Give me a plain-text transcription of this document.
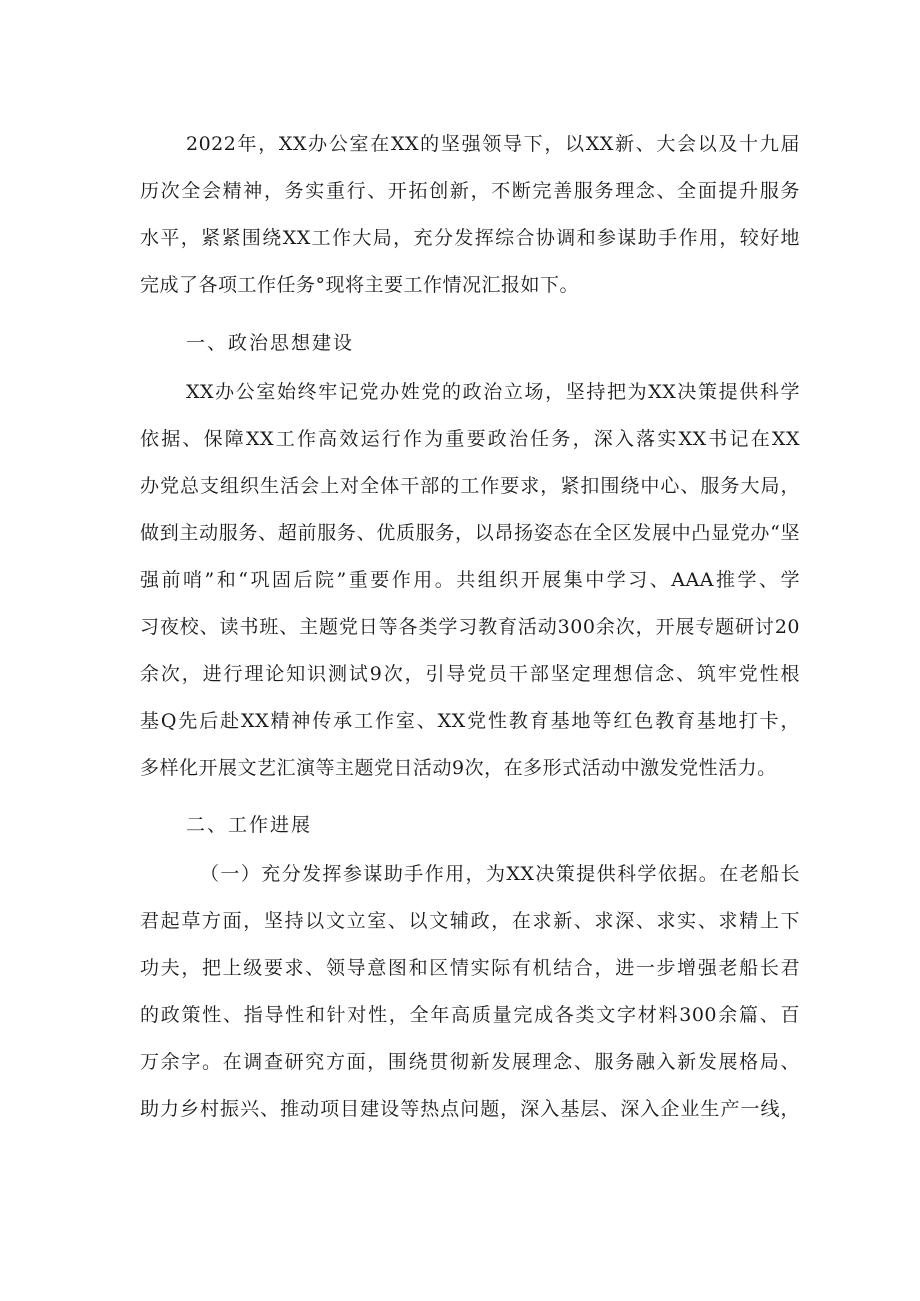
2022年，XX办公室在XX的坚强领导下，以XX新、大会以及十九届
历次全会精神，务实重行、开拓创新，不断完善服务理念、全面提升服务
水平，紧紧围绕XX工作大局，充分发挥综合协调和参谋助手作用，较好地
完成了各项工作任务°现将主要工作情况汇报如下。
一、政治思想建设
XX办公室始终牢记党办姓党的政治立场，坚持把为XX决策提供科学
依据、保障XX工作高效运行作为重要政治任务，深入落实XX书记在XX
办党总支组织生活会上对全体干部的工作要求，紧扣围绕中心、服务大局，
做到主动服务、超前服务、优质服务，以昂扬姿态在全区发展中凸显党办“坚
强前哨”和“巩固后院”重要作用。共组织开展集中学习、AAA推学、学
习夜校、读书班、主题党日等各类学习教育活动300余次，开展专题研讨20
余次，进行理论知识测试9次，引导党员干部坚定理想信念、筑牢党性根
基Q先后赴XX精神传承工作室、XX党性教育基地等红色教育基地打卡，
多样化开展文艺汇演等主题党日活动9次，在多形式活动中激发党性活力。
二、工作进展
（一）充分发挥参谋助手作用，为XX决策提供科学依据。在老船长
君起草方面，坚持以文立室、以文辅政，在求新、求深、求实、求精上下
功夫，把上级要求、领导意图和区情实际有机结合，进一步增强老船长君
的政策性、指导性和针对性，全年高质量完成各类文字材料300余篇、百
万余字。在调查研究方面，围绕贯彻新发展理念、服务融入新发展格局、
助力乡村振兴、推动项目建设等热点问题，深入基层、深入企业生产一线，
